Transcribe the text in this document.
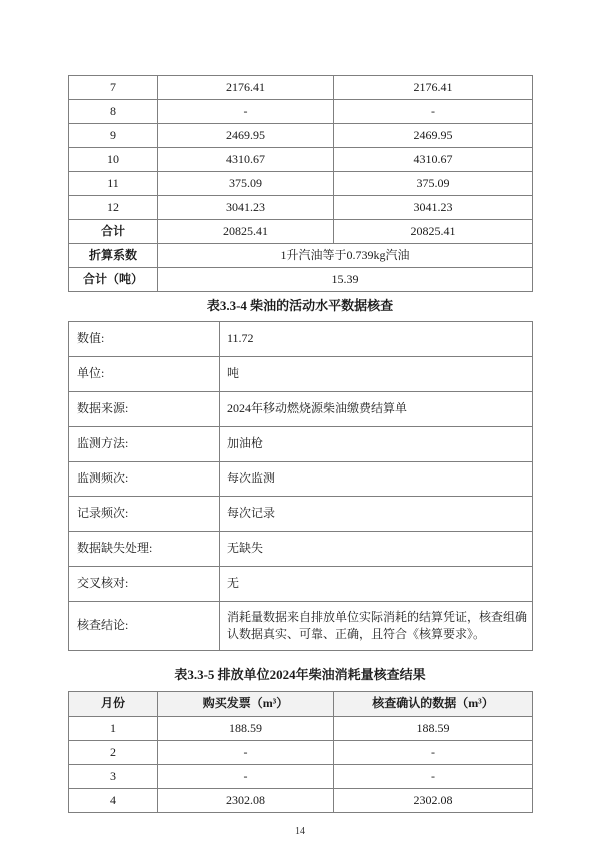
7	2176.41	2176.41
8	-	-
9	2469.95	2469.95
10	4310.67	4310.67
11	375.09	375.09
12	3041.23	3041.23
合计	20825.41	20825.41
折算系数	1升汽油等于0.739kg汽油	
合计（吨）	15.39	
表3.3-4 柴油的活动水平数据核查
数值:	11.72
单位:	吨
数据来源:	2024年移动燃烧源柴油缴费结算单
监测方法:	加油枪
监测频次:	每次监测
记录频次:	每次记录
数据缺失处理:	无缺失
交叉核对:	无
核查结论:	消耗量数据来自排放单位实际消耗的结算凭证，核查组确认数据真实、可靠、正确，且符合《核算要求》。
表3.3-5 排放单位2024年柴油消耗量核查结果
月份	购买发票（m³）	核查确认的数据（m³）
1	188.59	188.59
2	-	-
3	-	-
4	2302.08	2302.08
14
